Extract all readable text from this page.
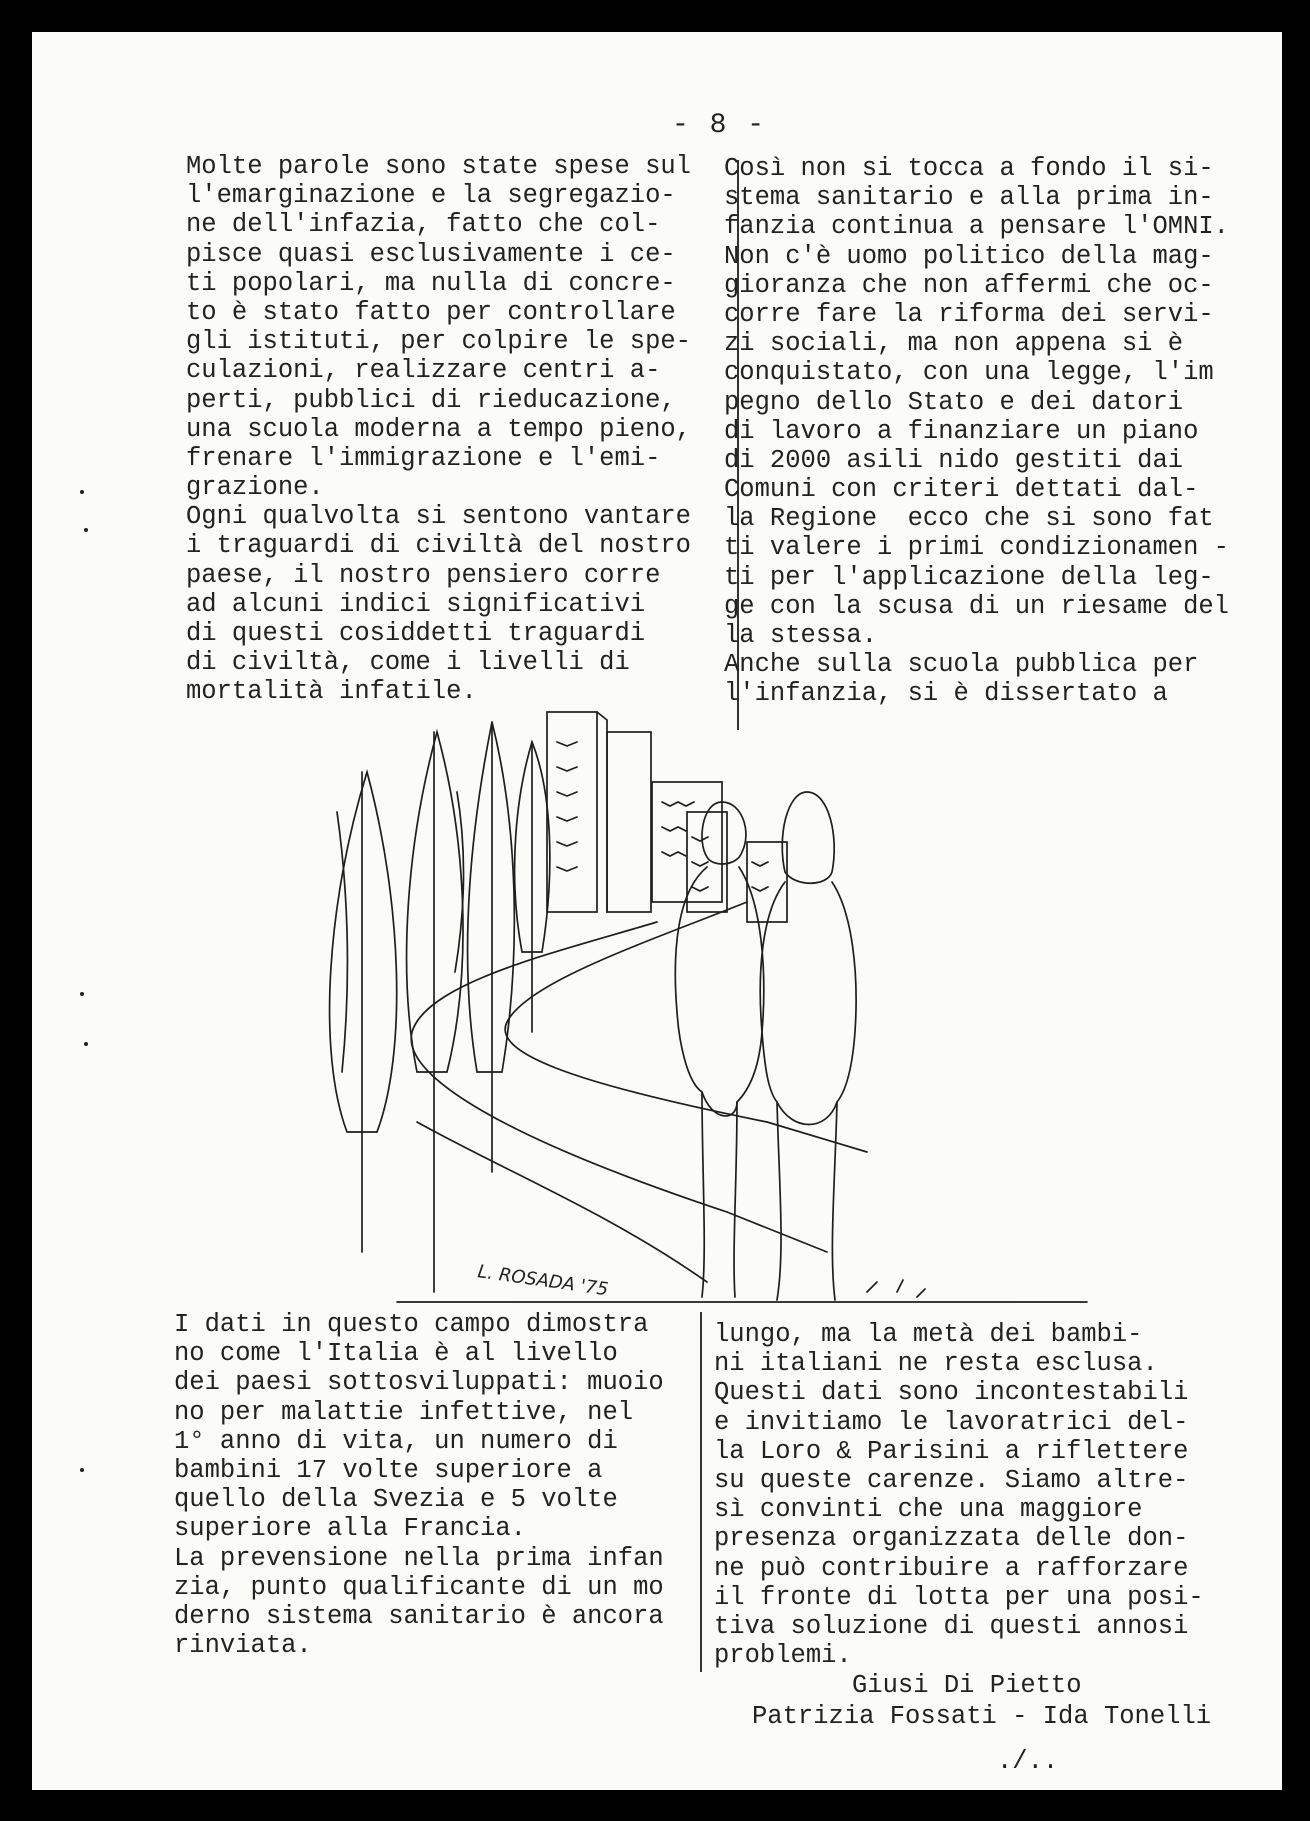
- 8 -
Molte parole sono state spese sul
l'emarginazione e la segregazio-
ne dell'infazia, fatto che col-
pisce quasi esclusivamente i ce-
ti popolari, ma nulla di concre-
to è stato fatto per controllare
gli istituti, per colpire le spe-
culazioni, realizzare centri a-
perti, pubblici di rieducazione,
una scuola moderna a tempo pieno,
frenare l'immigrazione e l'emi-
grazione.
Ogni qualvolta si sentono vantare
i traguardi di civiltà del nostro
paese, il nostro pensiero corre
ad alcuni indici significativi
di questi cosiddetti traguardi
di civiltà, come i livelli di
mortalità infatile.
Così non si tocca a fondo il si-
stema sanitario e alla prima in-
fanzia continua a pensare l'OMNI.
Non c'è uomo politico della mag-
gioranza che non affermi che oc-
corre fare la riforma dei servi-
zi sociali, ma non appena si è
conquistato, con una legge, l'im
pegno dello Stato e dei datori
di lavoro a finanziare un piano
di 2000 asili nido gestiti dai
Comuni con criteri dettati dal-
la Regione  ecco che si sono fat
ti valere i primi condizionamen -
ti per l'applicazione della leg-
ge con la scusa di un riesame del
la stessa.
Anche sulla scuola pubblica per
l'infanzia, si è dissertato a
L. ROSADA '75
I dati in questo campo dimostra
no come l'Italia è al livello
dei paesi sottosviluppati: muoio
no per malattie infettive, nel
1° anno di vita, un numero di
bambini 17 volte superiore a
quello della Svezia e 5 volte
superiore alla Francia.
La prevensione nella prima infan
zia, punto qualificante di un mo
derno sistema sanitario è ancora
rinviata.
lungo, ma la metà dei bambi-
ni italiani ne resta esclusa.
Questi dati sono incontestabili
e invitiamo le lavoratrici del-
la Loro & Parisini a riflettere
su queste carenze. Siamo altre-
sì convinti che una maggiore
presenza organizzata delle don-
ne può contribuire a rafforzare
il fronte di lotta per una posi-
tiva soluzione di questi annosi
problemi.
Giusi Di Pietto
Patrizia Fossati - Ida Tonelli
./..
